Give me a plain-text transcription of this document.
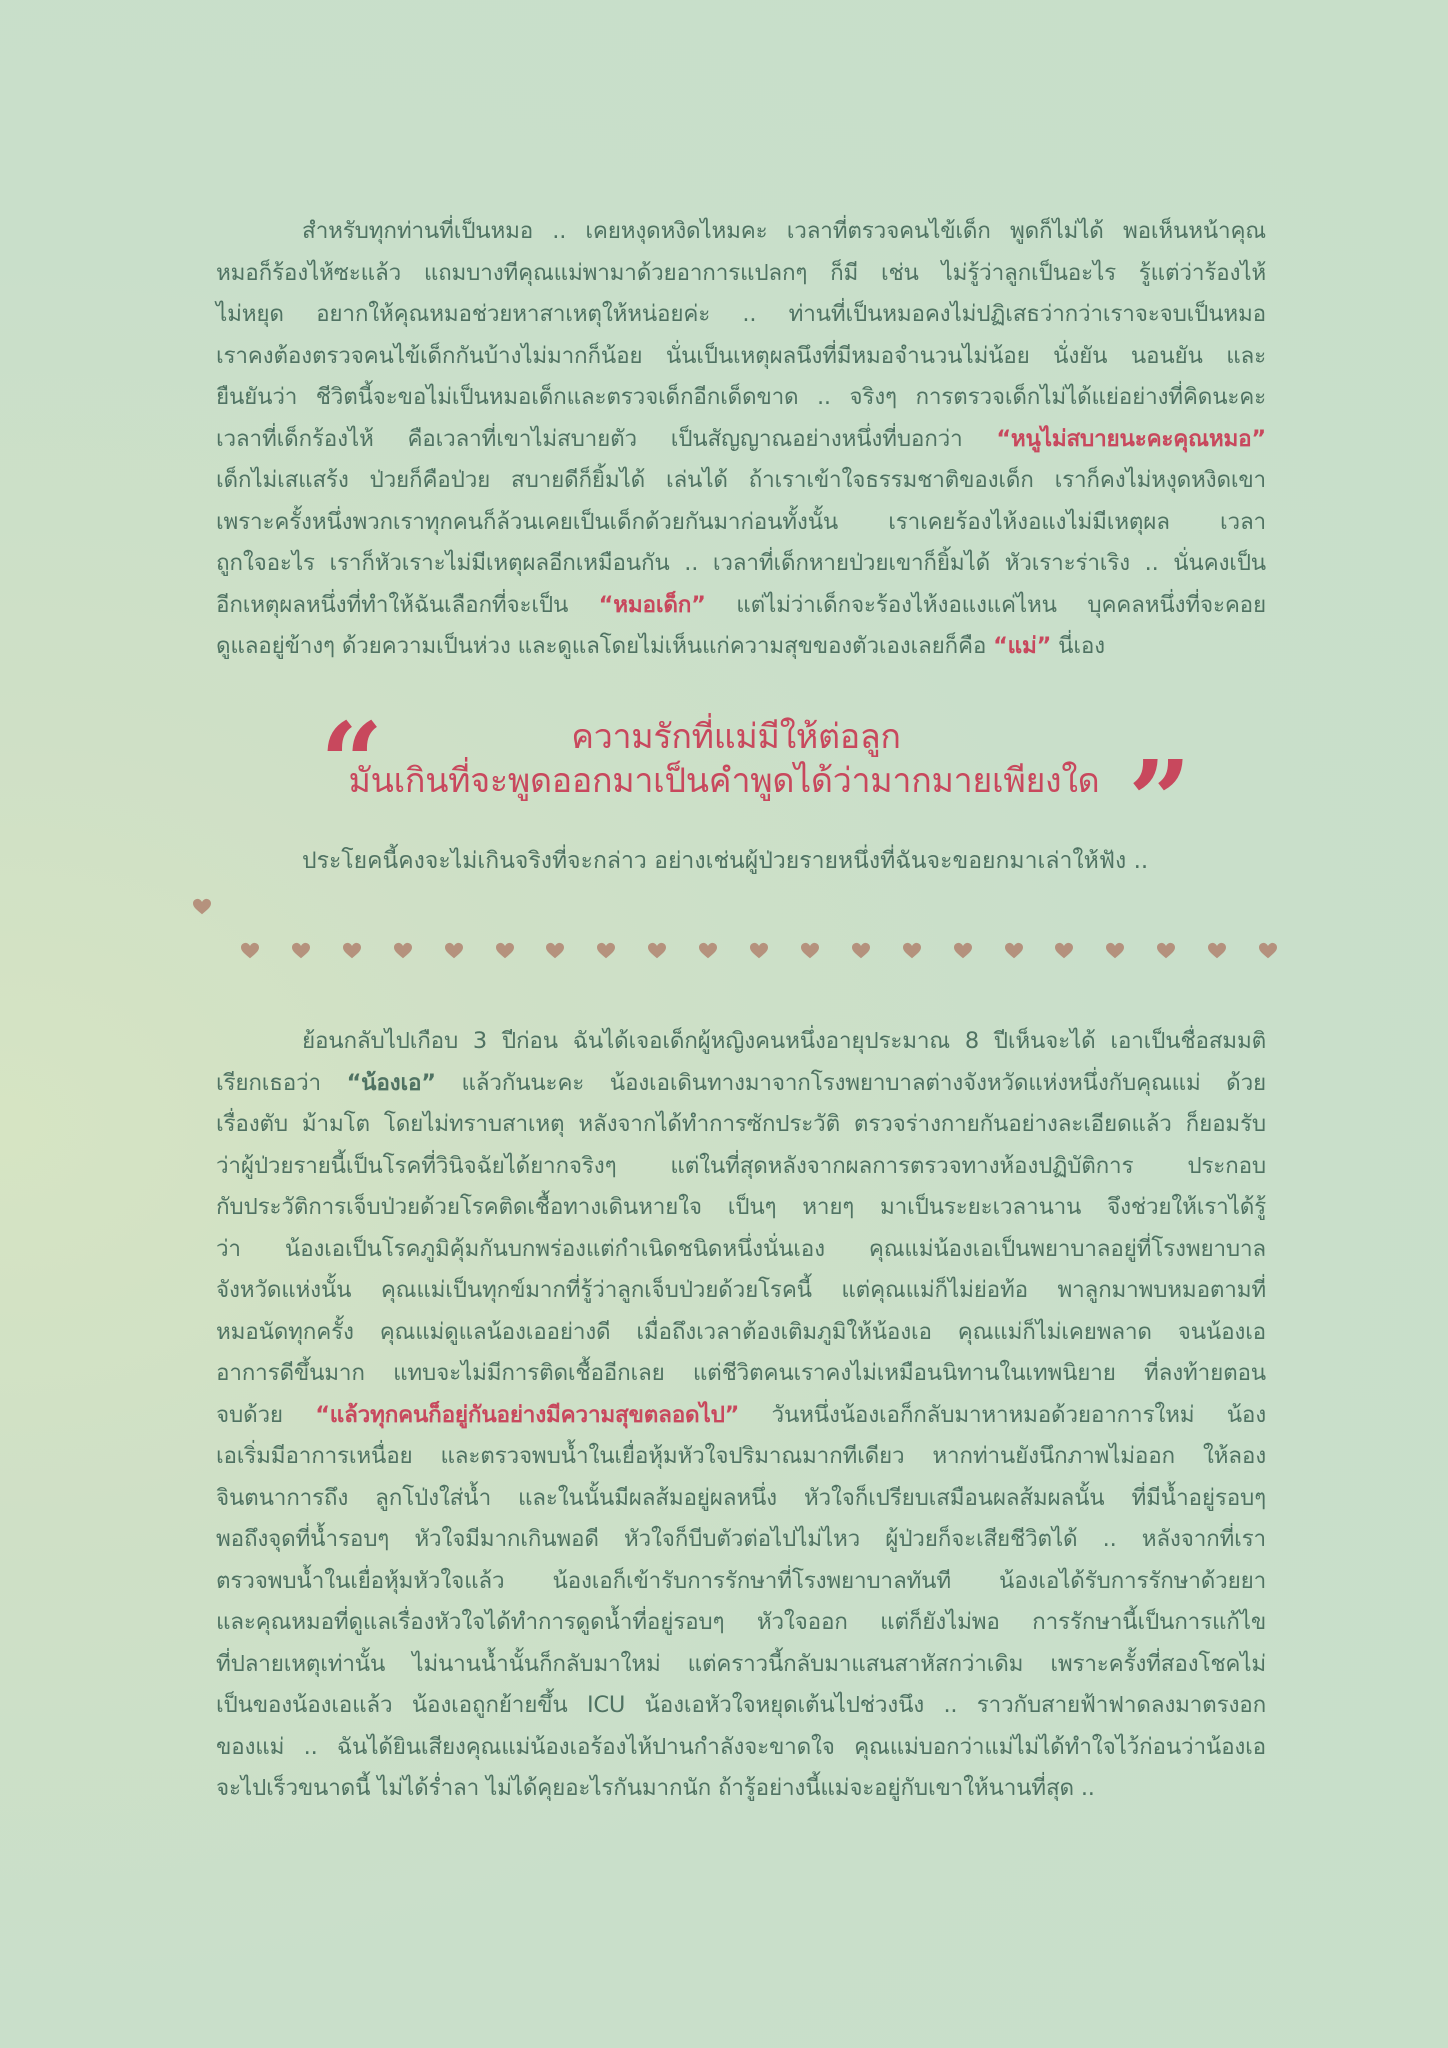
สำหรับทุกท่านที่เป็นหมอ .. เคยหงุดหงิดไหมคะ เวลาที่ตรวจคนไข้เด็ก พูดก็ไม่ได้ พอเห็นหน้าคุณ
หมอก็ร้องไห้ซะแล้ว แถมบางทีคุณแม่พามาด้วยอาการแปลกๆ ก็มี เช่น ไม่รู้ว่าลูกเป็นอะไร รู้แต่ว่าร้องไห้
ไม่หยุด อยากให้คุณหมอช่วยหาสาเหตุให้หน่อยค่ะ .. ท่านที่เป็นหมอคงไม่ปฏิเสธว่ากว่าเราจะจบเป็นหมอ
เราคงต้องตรวจคนไข้เด็กกันบ้างไม่มากก็น้อย นั่นเป็นเหตุผลนึงที่มีหมอจำนวนไม่น้อย นั่งยัน นอนยัน และ
ยืนยันว่า ชีวิตนี้จะขอไม่เป็นหมอเด็กและตรวจเด็กอีกเด็ดขาด .. จริงๆ การตรวจเด็กไม่ได้แย่อย่างที่คิดนะคะ
เวลาที่เด็กร้องไห้ คือเวลาที่เขาไม่สบายตัว เป็นสัญญาณอย่างหนึ่งที่บอกว่า “หนูไม่สบายนะคะคุณหมอ”
เด็กไม่เสแสร้ง ป่วยก็คือป่วย สบายดีก็ยิ้มได้ เล่นได้ ถ้าเราเข้าใจธรรมชาติของเด็ก เราก็คงไม่หงุดหงิดเขา
เพราะครั้งหนึ่งพวกเราทุกคนก็ล้วนเคยเป็นเด็กด้วยกันมาก่อนทั้งนั้น เราเคยร้องไห้งอแงไม่มีเหตุผล เวลา
ถูกใจอะไร เราก็หัวเราะไม่มีเหตุผลอีกเหมือนกัน .. เวลาที่เด็กหายป่วยเขาก็ยิ้มได้ หัวเราะร่าเริง .. นั่นคงเป็น
อีกเหตุผลหนึ่งที่ทำให้ฉันเลือกที่จะเป็น “หมอเด็ก” แต่ไม่ว่าเด็กจะร้องไห้งอแงแค่ไหน บุคคลหนึ่งที่จะคอย
ดูแลอยู่ข้างๆ ด้วยความเป็นห่วง และดูแลโดยไม่เห็นแก่ความสุขของตัวเองเลยก็คือ “แม่” นี่เอง
“	ความรักที่แม่มีให้ต่อลูก
มันเกินที่จะพูดออกมาเป็นคำพูดได้ว่ามากมายเพียงใด ”
ประโยคนี้คงจะไม่เกินจริงที่จะกล่าว อย่างเช่นผู้ป่วยรายหนึ่งที่ฉันจะขอยกมาเล่าให้ฟัง ..
ย้อนกลับไปเกือบ 3 ปีก่อน ฉันได้เจอเด็กผู้หญิงคนหนึ่งอายุประมาณ 8 ปีเห็นจะได้ เอาเป็นชื่อสมมติ
เรียกเธอว่า “น้องเอ” แล้วกันนะคะ น้องเอเดินทางมาจากโรงพยาบาลต่างจังหวัดแห่งหนึ่งกับคุณแม่ ด้วย
เรื่องตับ ม้ามโต โดยไม่ทราบสาเหตุ หลังจากได้ทำการซักประวัติ ตรวจร่างกายกันอย่างละเอียดแล้ว ก็ยอมรับ
ว่าผู้ป่วยรายนี้เป็นโรคที่วินิจฉัยได้ยากจริงๆ แต่ในที่สุดหลังจากผลการตรวจทางห้องปฏิบัติการ ประกอบ
กับประวัติการเจ็บป่วยด้วยโรคติดเชื้อทางเดินหายใจ เป็นๆ หายๆ มาเป็นระยะเวลานาน จึงช่วยให้เราได้รู้
ว่า น้องเอเป็นโรคภูมิคุ้มกันบกพร่องแต่กำเนิดชนิดหนึ่งนั่นเอง คุณแม่น้องเอเป็นพยาบาลอยู่ที่โรงพยาบาล
จังหวัดแห่งนั้น คุณแม่เป็นทุกข์มากที่รู้ว่าลูกเจ็บป่วยด้วยโรคนี้ แต่คุณแม่ก็ไม่ย่อท้อ พาลูกมาพบหมอตามที่
หมอนัดทุกครั้ง คุณแม่ดูแลน้องเออย่างดี เมื่อถึงเวลาต้องเติมภูมิให้น้องเอ คุณแม่ก็ไม่เคยพลาด จนน้องเอ
อาการดีขึ้นมาก แทบจะไม่มีการติดเชื้ออีกเลย แต่ชีวิตคนเราคงไม่เหมือนนิทานในเทพนิยาย ที่ลงท้ายตอน
จบด้วย “แล้วทุกคนก็อยู่กันอย่างมีความสุขตลอดไป” วันหนึ่งน้องเอก็กลับมาหาหมอด้วยอาการใหม่ น้อง
เอเริ่มมีอาการเหนื่อย และตรวจพบน้ำในเยื่อหุ้มหัวใจปริมาณมากทีเดียว หากท่านยังนึกภาพไม่ออก ให้ลอง
จินตนาการถึง ลูกโป่งใส่น้ำ และในนั้นมีผลส้มอยู่ผลหนึ่ง หัวใจก็เปรียบเสมือนผลส้มผลนั้น ที่มีน้ำอยู่รอบๆ
พอถึงจุดที่น้ำรอบๆ หัวใจมีมากเกินพอดี หัวใจก็บีบตัวต่อไปไม่ไหว ผู้ป่วยก็จะเสียชีวิตได้ .. หลังจากที่เรา
ตรวจพบน้ำในเยื่อหุ้มหัวใจแล้ว น้องเอก็เข้ารับการรักษาที่โรงพยาบาลทันที น้องเอได้รับการรักษาด้วยยา
และคุณหมอที่ดูแลเรื่องหัวใจได้ทำการดูดน้ำที่อยู่รอบๆ หัวใจออก แต่ก็ยังไม่พอ การรักษานี้เป็นการแก้ไข
ที่ปลายเหตุเท่านั้น ไม่นานน้ำนั้นก็กลับมาใหม่ แต่คราวนี้กลับมาแสนสาหัสกว่าเดิม เพราะครั้งที่สองโชคไม่
เป็นของน้องเอแล้ว น้องเอถูกย้ายขึ้น ICU น้องเอหัวใจหยุดเต้นไปช่วงนึง .. ราวกับสายฟ้าฟาดลงมาตรงอก
ของแม่ .. ฉันได้ยินเสียงคุณแม่น้องเอร้องไห้ปานกำลังจะขาดใจ คุณแม่บอกว่าแม่ไม่ได้ทำใจไว้ก่อนว่าน้องเอ
จะไปเร็วขนาดนี้ ไม่ได้ร่ำลา ไม่ได้คุยอะไรกันมากนัก ถ้ารู้อย่างนี้แม่จะอยู่กับเขาให้นานที่สุด ..
